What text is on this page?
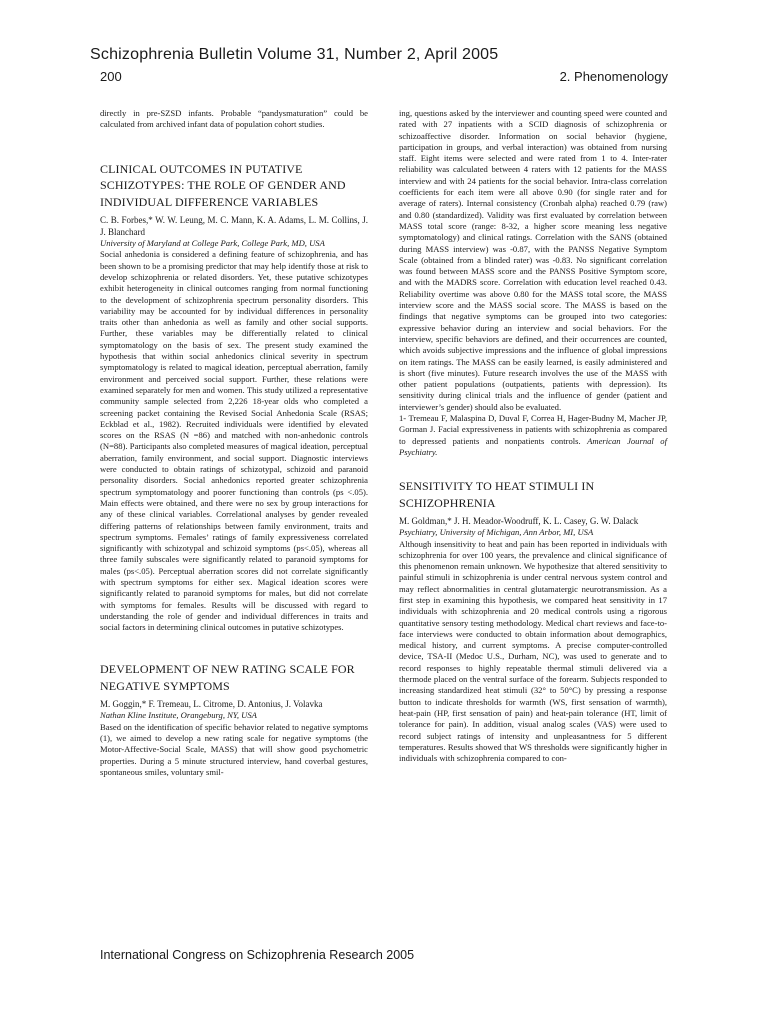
Schizophrenia Bulletin Volume 31, Number 2, April 2005
200	2. Phenomenology

directly in pre-SZSD infants. Probable “pandysmaturation” could be calculated from archived infant data of population cohort studies.

CLINICAL OUTCOMES IN PUTATIVE SCHIZOTYPES: THE ROLE OF GENDER AND INDIVIDUAL DIFFERENCE VARIABLES

C. B. Forbes,* W. W. Leung, M. C. Mann, K. A. Adams, L. M. Collins, J. J. Blanchard

University of Maryland at College Park, College Park, MD, USA

Social anhedonia is considered a defining feature of schizophrenia, and has been shown to be a promising predictor that may help identify those at risk to develop schizophrenia or related disorders. Yet, these putative schizotypes exhibit heterogeneity in clinical outcomes ranging from normal functioning to the development of schizophrenia spectrum personality disorders. This variability may be accounted for by individual differences in personality traits other than anhedonia as well as family and other social supports. Further, these variables may be differentially related to clinical symptomatology on the basis of sex. The present study examined the hypothesis that within social anhedonics clinical severity in spectrum symptomatology is related to magical ideation, perceptual aberration, family environment and perceived social support. Further, these relations were examined separately for men and women. This study utilized a representative community sample selected from 2,226 18-year olds who completed a screening packet containing the Revised Social Anhedonia Scale (RSAS; Eckblad et al., 1982). Recruited individuals were identified by elevated scores on the RSAS (N =86) and matched with non-anhedonic controls (N=88). Participants also completed measures of magical ideation, perceptual aberration, family environment, and social support. Diagnostic interviews were conducted to obtain ratings of schizotypal, schizoid and paranoid personality disorders. Social anhedonics reported greater schizophrenia spectrum symptomatology and poorer functioning than controls (ps <.05). Main effects were obtained, and there were no sex by group interactions for any of these clinical variables. Correlational analyses by gender revealed differing patterns of relationships between family environment, traits and spectrum symptoms. Females’ ratings of family expressiveness correlated significantly with schizotypal and schizoid symptoms (ps<.05), whereas all three family subscales were significantly related to paranoid symptoms for males (ps<.05). Perceptual aberration scores did not correlate significantly with spectrum symptoms for either sex. Magical ideation scores were significantly related to paranoid symptoms for males, but did not correlate with symptoms for females. Results will be discussed with regard to understanding the role of gender and individual differences in traits and social factors in determining clinical outcomes in putative schizotypes.

DEVELOPMENT OF NEW RATING SCALE FOR NEGATIVE SYMPTOMS

M. Goggin,* F. Tremeau, L. Citrome, D. Antonius, J. Volavka

Nathan Kline Institute, Orangeburg, NY, USA

Based on the identification of specific behavior related to negative symptoms (1), we aimed to develop a new rating scale for negative symptoms (the Motor-Affective-Social Scale, MASS) that will show good psychometric properties. During a 5 minute structured interview, hand coverbal gestures, spontaneous smiles, voluntary smil-

ing, questions asked by the interviewer and counting speed were counted and rated with 27 inpatients with a SCID diagnosis of schizophrenia or schizoaffective disorder. Information on social behavior (hygiene, participation in groups, and verbal interaction) was obtained from nursing staff. Eight items were selected and were rated from 1 to 4. Inter-rater reliability was calculated between 4 raters with 12 patients for the MASS interview and with 24 patients for the social behavior. Intra-class correlation coefficients for each item were all above 0.90 (for single rater and for average of raters). Internal consistency (Cronbah alpha) reached 0.79 (raw) and 0.80 (standardized). Validity was first evaluated by correlation between MASS total score (range: 8-32, a higher score meaning less negative symptomatology) and clinical ratings. Correlation with the SANS (obtained during MASS interview) was -0.87, with the PANSS Negative Symptom Scale (obtained from a blinded rater) was -0.83. No significant correlation was found between MASS score and the PANSS Positive Symptom score, and with the MADRS score. Correlation with education level reached 0.43. Reliability overtime was above 0.80 for the MASS total score, the MASS interview score and the MASS social score. The MASS is based on the findings that negative symptoms can be grouped into two categories: expressive behavior during an interview and social behaviors. For the interview, specific behaviors are defined, and their occurrences are counted, which avoids subjective impressions and the influence of global impressions on item ratings. The MASS can be easily learned, is easily administered and is short (five minutes). Future research involves the use of the MASS with other patient populations (outpatients, patients with depression). Its sensitivity during clinical trials and the influence of gender (patient and interviewer’s gender) should also be evaluated.

1- Tremeau F, Malaspina D, Duval F, Correa H, Hager-Budny M, Macher JP, Gorman J. Facial expressiveness in patients with schizophrenia as compared to depressed patients and nonpatients controls. American Journal of Psychiatry.

SENSITIVITY TO HEAT STIMULI IN SCHIZOPHRENIA

M. Goldman,* J. H. Meador-Woodruff, K. L. Casey, G. W. Dalack

Psychiatry, University of Michigan, Ann Arbor, MI, USA

Although insensitivity to heat and pain has been reported in individuals with schizophrenia for over 100 years, the prevalence and clinical significance of this phenomenon remain unknown. We hypothesize that altered sensitivity to painful stimuli in schizophrenia is under central nervous system control and may reflect abnormalities in central glutamatergic neurotransmission. As a first step in examining this hypothesis, we compared heat sensitivity in 17 individuals with schizophrenia and 20 medical controls using a rigorous quantitative sensory testing methodology. Medical chart reviews and face-to-face interviews were conducted to obtain information about demographics, medical history, and current symptoms. A precise computer-controlled device, TSA-II (Medoc U.S., Durham, NC), was used to generate and to record responses to highly repeatable thermal stimuli delivered via a thermode placed on the ventral surface of the forearm. Subjects responded to increasing standardized heat stimuli (32° to 50°C) by pressing a response button to indicate thresholds for warmth (WS, first sensation of warmth), heat-pain (HP, first sensation of pain) and heat-pain tolerance (HT, limit of tolerance for pain). In addition, visual analog scales (VAS) were used to record subject ratings of intensity and unpleasantness for 5 different temperatures. Results showed that WS thresholds were significantly higher in individuals with schizophrenia compared to con-

International Congress on Schizophrenia Research 2005
